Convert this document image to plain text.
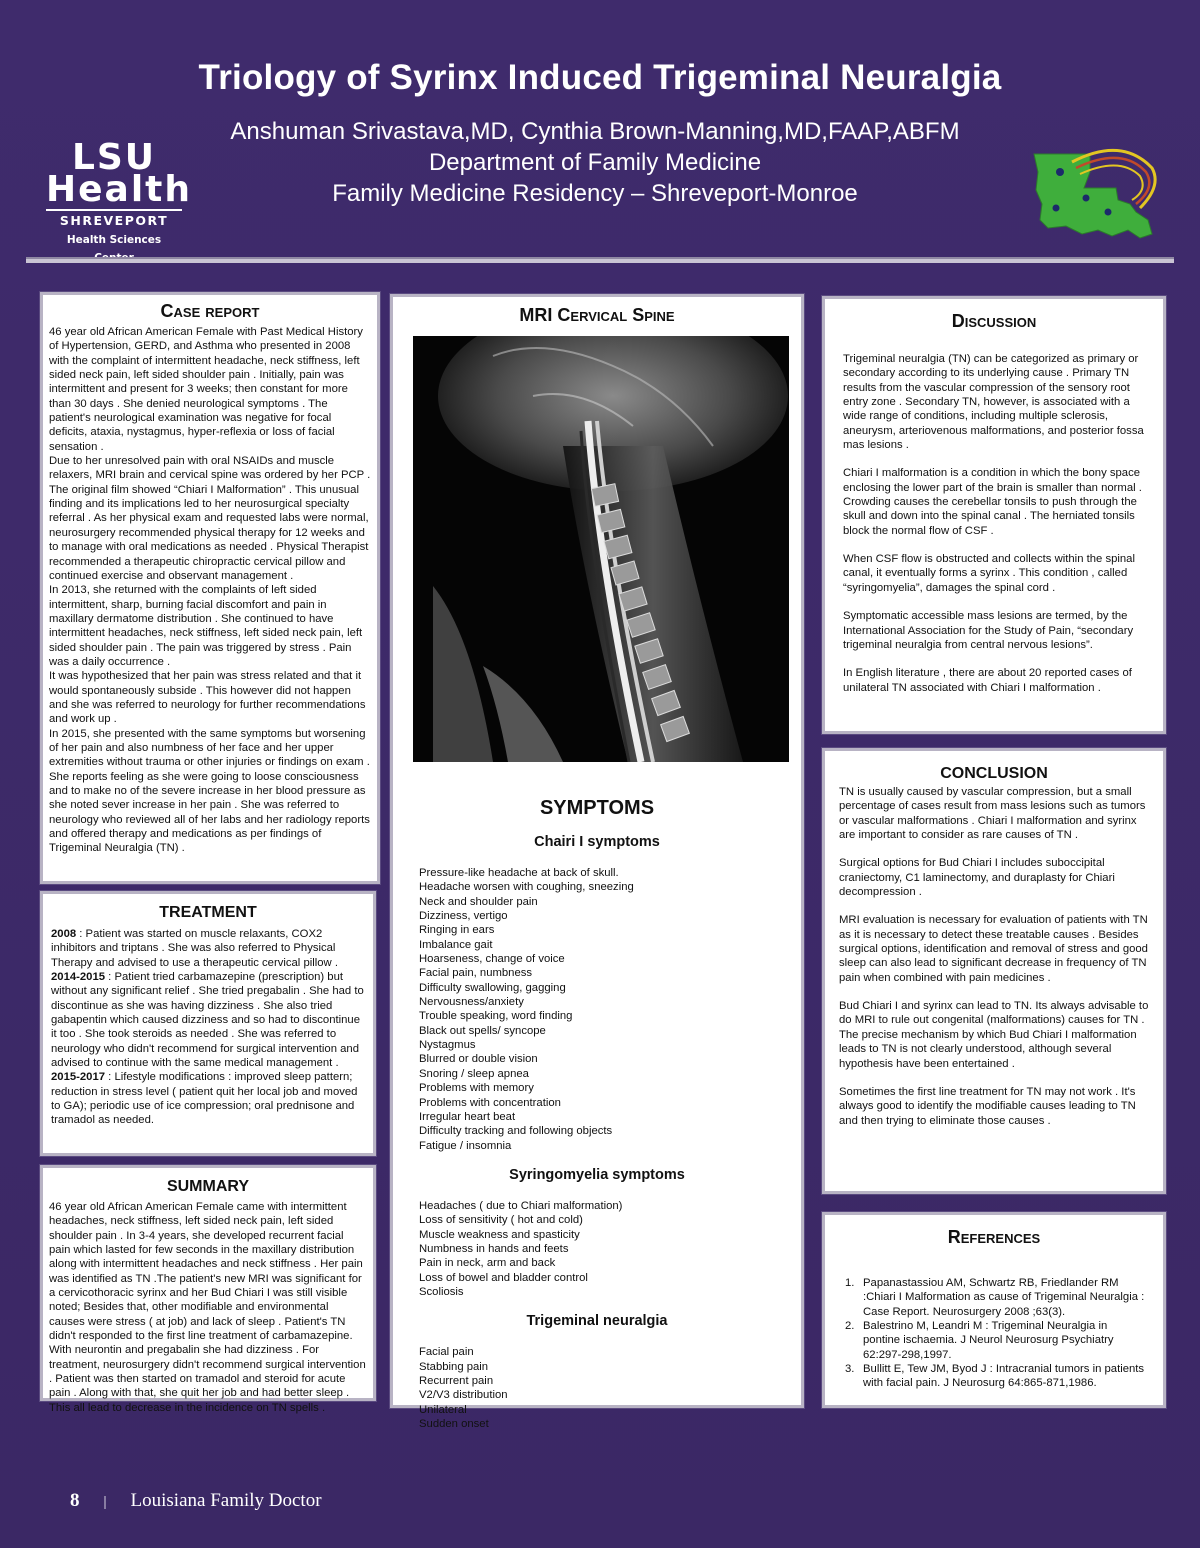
Triology of Syrinx Induced Trigeminal Neuralgia
Anshuman Srivastava,MD, Cynthia Brown-Manning,MD,FAAP,ABFM
Department of Family Medicine
Family Medicine Residency – Shreveport-Monroe
LSU
Health
SHREVEPORT
Health Sciences
Case report

46 year old African American Female with Past Medical History of Hypertension, GERD, and Asthma who presented in 2008 with the complaint of intermittent headache, neck stiffness, left sided neck pain, left sided shoulder pain . Initially, pain was intermittent and present for 3 weeks; then constant for more than 30 days . She denied neurological symptoms . The patient's neurological examination was negative for focal deficits, ataxia, nystagmus, hyper-reflexia or loss of facial sensation .

Due to her unresolved pain with oral NSAIDs and muscle relaxers, MRI brain and cervical spine was ordered by her PCP . The original film showed “Chiari I Malformation” . This unusual finding and its implications led to her neurosurgical specialty referral . As her physical exam and requested labs were normal, neurosurgery recommended physical therapy for 12 weeks and to manage with oral medications as needed . Physical Therapist recommended a therapeutic chiropractic cervical pillow and continued exercise and observant management .

In 2013, she returned with the complaints of left sided intermittent, sharp, burning facial discomfort and pain in maxillary dermatome distribution . She continued to have intermittent headaches, neck stiffness, left sided neck pain, left sided shoulder pain . The pain was triggered by stress . Pain was a daily occurrence .

It was hypothesized that her pain was stress related and that it would spontaneously subside . This however did not happen and she was referred to neurology for further recommendations and work up .

In 2015, she presented with the same symptoms but worsening of her pain and also numbness of her face and her upper extremities without trauma or other injuries or findings on exam . She reports feeling as she were going to loose consciousness and to make no of the severe increase in her blood pressure as she noted sever increase in her pain . She was referred to neurology who reviewed all of her labs and her radiology reports and offered therapy and medications as per findings of Trigeminal Neuralgia (TN) .

TREATMENT

2008 : Patient was started on muscle relaxants, COX2 inhibitors and triptans . She was also referred to Physical Therapy and advised to use a therapeutic cervical pillow .

2014-2015 : Patient tried carbamazepine (prescription) but without any significant relief . She tried pregabalin . She had to discontinue as she was having dizziness . She also tried gabapentin which caused dizziness and so had to discontinue it too . She took steroids as needed . She was referred to neurology who didn't recommend for surgical intervention and advised to continue with the same medical management .

2015-2017 : Lifestyle modifications : improved sleep pattern; reduction in stress level ( patient quit her local job and moved to GA); periodic use of ice compression; oral prednisone and tramadol as needed.

SUMMARY

46 year old African American Female came with intermittent headaches, neck stiffness, left sided neck pain, left sided shoulder pain . In 3-4 years, she developed recurrent facial pain which lasted for few seconds in the maxillary distribution along with intermittent headaches and neck stiffness . Her pain was identified as TN .The patient's new MRI was significant for a cervicothoracic syrinx and her Bud Chiari I was still visible noted; Besides that, other modifiable and environmental causes were stress ( at job) and lack of sleep . Patient's TN didn't responded to the first line treatment of carbamazepine. With neurontin and pregabalin she had dizziness . For treatment, neurosurgery didn't recommend surgical intervention . Patient was then started on tramadol and steroid for acute pain . Along with that, she quit her job and had better sleep . This all lead to decrease in the incidence on TN spells .

MRI Cervical Spine
SYMPTOMS
Chairi I symptoms
Pressure-like headache at back of skull.
Headache worsen with coughing, sneezing
Neck and shoulder pain
Dizziness, vertigo
Ringing in ears
Imbalance gait
Hoarseness, change of voice
Facial pain, numbness
Difficulty swallowing, gagging
Nervousness/anxiety
Trouble speaking, word finding
Black out spells/ syncope
Nystagmus
Blurred or double vision
Snoring / sleep apnea
Problems with memory
Problems with concentration
Irregular heart beat
Difficulty tracking and following objects
Fatigue / insomnia
Syringomyelia symptoms
Headaches ( due to Chiari malformation)
Loss of sensitivity ( hot and cold)
Muscle weakness and spasticity
Numbness in hands and feets
Pain in neck, arm and back
Loss of bowel and bladder control
Scoliosis
Trigeminal neuralgia
Facial pain
Stabbing pain
Recurrent pain
V2/V3 distribution
Unilateral
Sudden onset
Discussion

Trigeminal neuralgia (TN) can be categorized as primary or secondary according to its underlying cause . Primary TN results from the vascular compression of the sensory root entry zone . Secondary TN, however, is associated with a wide range of conditions, including multiple sclerosis, aneurysm, arteriovenous malformations, and posterior fossa mas lesions .

Chiari I malformation is a condition in which the bony space enclosing the lower part of the brain is smaller than normal . Crowding causes the cerebellar tonsils to push through the skull and down into the spinal canal . The herniated tonsils block the normal flow of CSF .

When CSF flow is obstructed and collects within the spinal canal, it eventually forms a syrinx . This condition , called “syringomyelia”, damages the spinal cord .

Symptomatic accessible mass lesions are termed, by the International Association for the Study of Pain, “secondary trigeminal neuralgia from central nervous lesions”.

In English literature , there are about 20 reported cases of unilateral TN associated with Chiari I malformation .

CONCLUSION

TN is usually caused by vascular compression, but a small percentage of cases result from mass lesions such as tumors or vascular malformations . Chiari I malformation and syrinx are important to consider as rare causes of TN .

Surgical options for Bud Chiari I includes suboccipital craniectomy, C1 laminectomy, and duraplasty for Chiari decompression .

MRI evaluation is necessary for evaluation of patients with TN as it is necessary to detect these treatable causes . Besides surgical options, identification and removal of stress and good sleep can also lead to significant decrease in frequency of TN pain when combined with pain medicines .

Bud Chiari I and syrinx can lead to TN. Its always advisable to do MRI to rule out congenital (malformations) causes for TN . The precise mechanism by which Bud Chiari I malformation leads to TN is not clearly understood, although several hypothesis have been entertained .

Sometimes the first line treatment for TN may not work . It's always good to identify the modifiable causes leading to TN and then trying to eliminate those causes .

References
1. Papanastassiou AM, Schwartz RB, Friedlander RM :Chiari I Malformation as cause of Trigeminal Neuralgia : Case Report. Neurosurgery 2008 ;63(3).
2. Balestrino M, Leandri M : Trigeminal Neuralgia in pontine ischaemia. J Neurol Neurosurg Psychiatry 62:297-298,1997.
3. Bullitt E, Tew JM, Byod J : Intracranial tumors in patients with facial pain. J Neurosurg 64:865-871,1986.
8 | Louisiana Family Doctor
